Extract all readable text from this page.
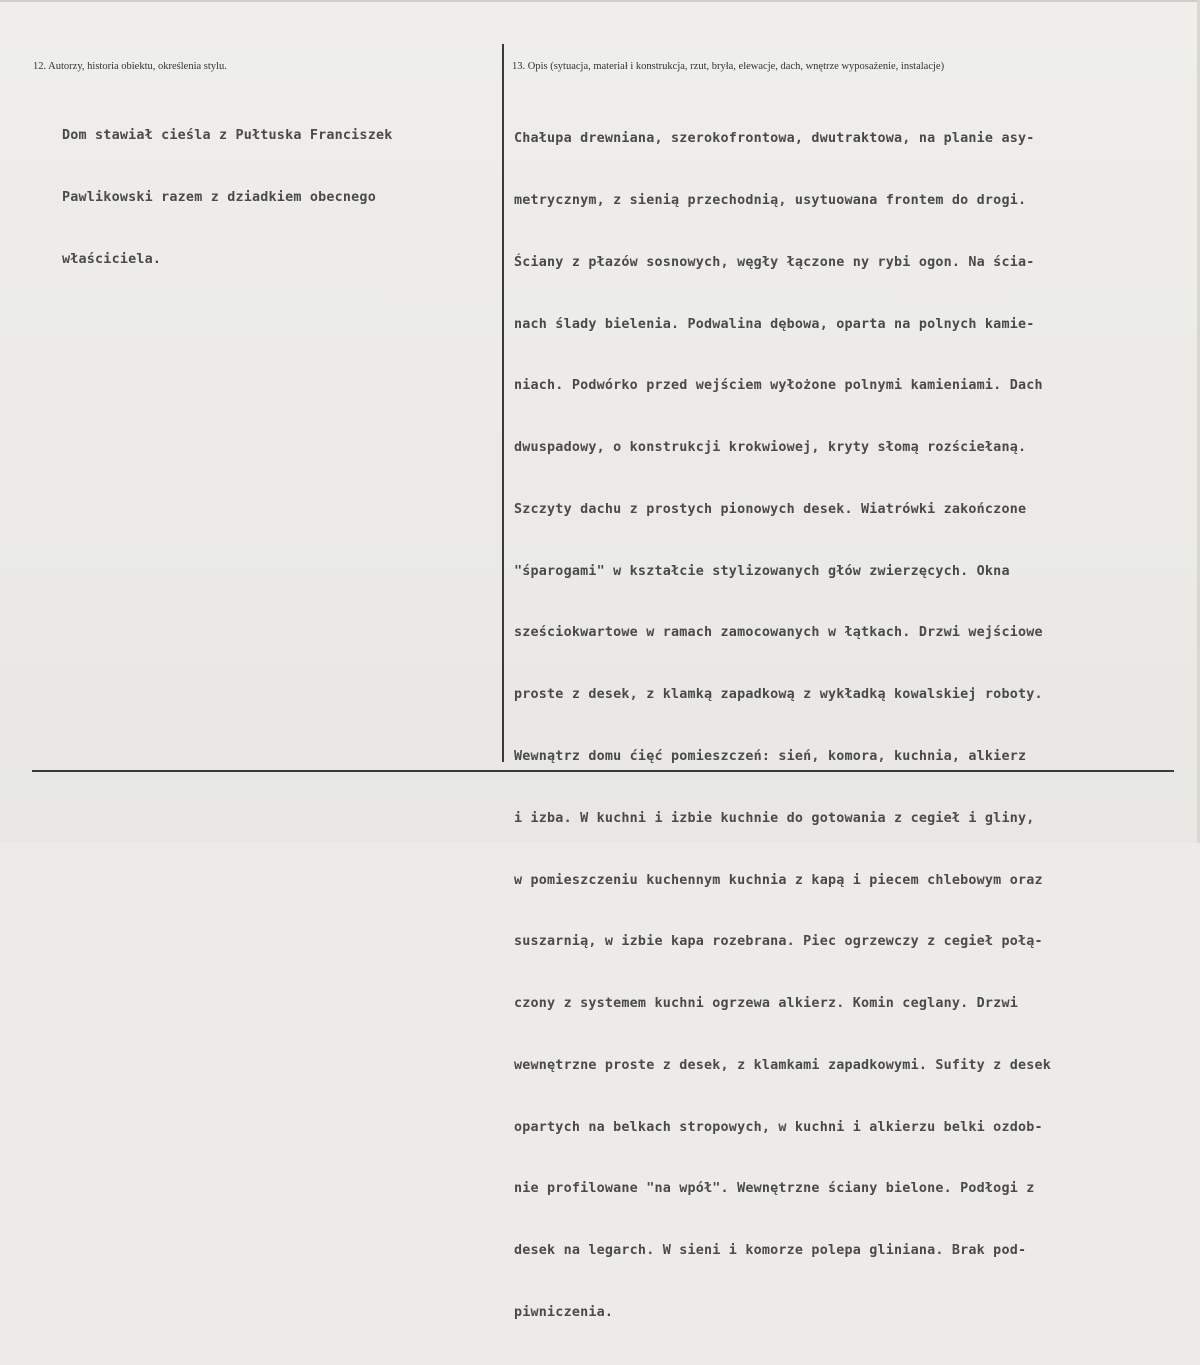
12. Autorzy, historia obiektu, określenia stylu.	13. Opis (sytuacja, materiał i konstrukcja, rzut, bryła, elewacje, dach, wnętrze wyposażenie, instalacje)

Dom stawiał cieśla z Pułtuska Franciszek

Pawlikowski razem z dziadkiem obecnego

właściciela.

Chałupa drewniana, szerokofrontowa, dwutraktowa, na planie asy-

metrycznym, z sienią przechodnią, usytuowana frontem do drogi.

Ściany z płazów sosnowych, węgły łączone ny rybi ogon. Na ścia-

nach ślady bielenia. Podwalina dębowa, oparta na polnych kamie-

niach. Podwórko przed wejściem wyłożone polnymi kamieniami. Dach

dwuspadowy, o konstrukcji krokwiowej, kryty słomą rozściełaną.

Szczyty dachu z prostych pionowych desek. Wiatrówki zakończone

"śparogami" w kształcie stylizowanych głów zwierzęcych. Okna

sześciokwartowe w ramach zamocowanych w łątkach. Drzwi wejściowe

proste z desek, z klamką zapadkową z wykładką kowalskiej roboty.

Wewnątrz domu ćięć pomieszczeń: sień, komora, kuchnia, alkierz

i izba. W kuchni i izbie kuchnie do gotowania z cegieł i gliny,

w pomieszczeniu kuchennym kuchnia z kapą i piecem chlebowym oraz

suszarnią, w izbie kapa rozebrana. Piec ogrzewczy z cegieł połą-

czony z systemem kuchni ogrzewa alkierz. Komin ceglany. Drzwi

wewnętrzne proste z desek, z klamkami zapadkowymi. Sufity z desek

opartych na belkach stropowych, w kuchni i alkierzu belki ozdob-

nie profilowane "na wpół". Wewnętrzne ściany bielone. Podłogi z

desek na legarch. W sieni i komorze polepa gliniana. Brak pod-

piwniczenia.
